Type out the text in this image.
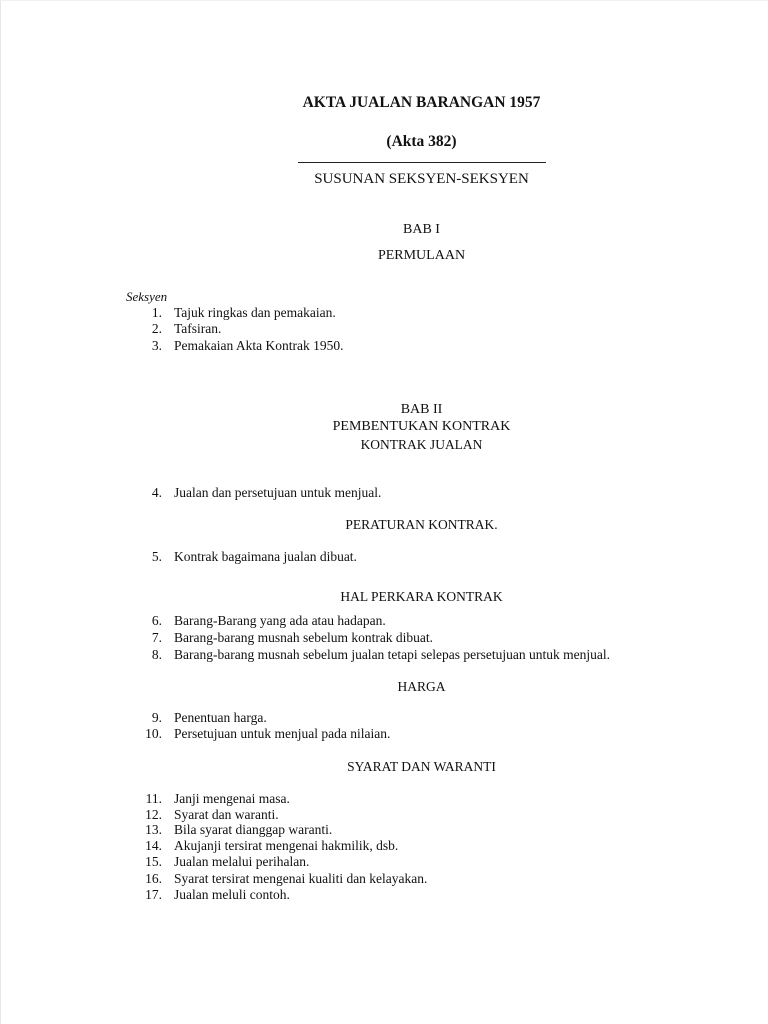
AKTA JUALAN BARANGAN 1957
(Akta 382)
SUSUNAN SEKSYEN-SEKSYEN
BAB I
PERMULAAN
Seksyen
1. Tajuk ringkas dan pemakaian.
2. Tafsiran.
3. Pemakaian Akta Kontrak 1950.
BAB II
PEMBENTUKAN KONTRAK
KONTRAK JUALAN
4. Jualan dan persetujuan untuk menjual.
PERATURAN KONTRAK.
5. Kontrak bagaimana jualan dibuat.
HAL PERKARA KONTRAK
6. Barang-Barang yang ada atau hadapan.
7. Barang-barang musnah sebelum kontrak dibuat.
8. Barang-barang musnah sebelum jualan tetapi selepas persetujuan untuk menjual.
HARGA
9. Penentuan harga.
10. Persetujuan untuk menjual pada nilaian.
SYARAT DAN WARANTI
11. Janji mengenai masa.
12. Syarat dan waranti.
13. Bila syarat dianggap waranti.
14. Akujanji tersirat mengenai hakmilik, dsb.
15. Jualan melalui perihalan.
16. Syarat tersirat mengenai kualiti dan kelayakan.
17. Jualan meluli contoh.
